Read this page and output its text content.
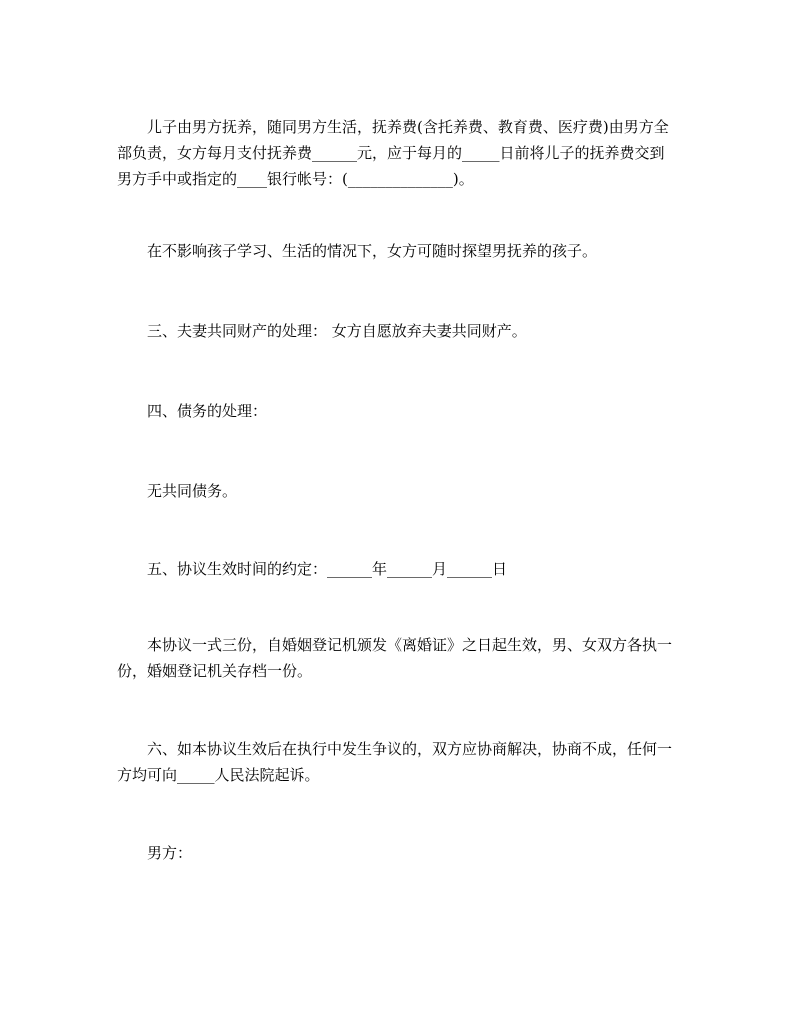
儿子由男方抚养，随同男方生活，抚养费(含托养费、教育费、医疗费)由男方全部负责，女方每月支付抚养费______元，应于每月的_____日前将儿子的抚养费交到男方手中或指定的____银行帐号：(______________)。

在不影响孩子学习、生活的情况下，女方可随时探望男抚养的孩子。

三、夫妻共同财产的处理： 女方自愿放弃夫妻共同财产。

四、债务的处理：

无共同债务。

五、协议生效时间的约定：______年______月______日

本协议一式三份，自婚姻登记机颁发《离婚证》之日起生效，男、女双方各执一份，婚姻登记机关存档一份。

六、如本协议生效后在执行中发生争议的，双方应协商解决，协商不成，任何一方均可向_____人民法院起诉。

男方：
